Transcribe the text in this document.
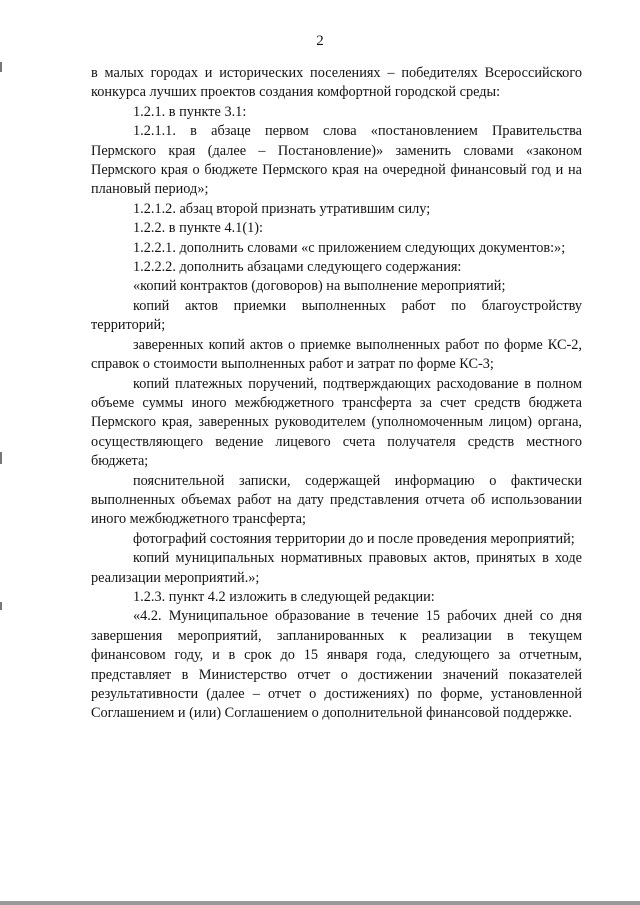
2

в малых городах и исторических поселениях – победителях Всероссийского конкурса лучших проектов создания комфортной городской среды:

1.2.1. в пункте 3.1:

1.2.1.1. в абзаце первом слова «постановлением Правительства Пермского края (далее – Постановление)» заменить словами «законом Пермского края о бюджете Пермского края на очередной финансовый год и на плановый период»;

1.2.1.2. абзац второй признать утратившим силу;

1.2.2. в пункте 4.1(1):

1.2.2.1. дополнить словами «с приложением следующих документов:»;

1.2.2.2. дополнить абзацами следующего содержания:

«копий контрактов (договоров) на выполнение мероприятий;

копий актов приемки выполненных работ по благоустройству территорий;

заверенных копий актов о приемке выполненных работ по форме КС-2, справок о стоимости выполненных работ и затрат по форме КС-3;

копий платежных поручений, подтверждающих расходование в полном объеме суммы иного межбюджетного трансферта за счет средств бюджета Пермского края, заверенных руководителем (уполномоченным лицом) органа, осуществляющего ведение лицевого счета получателя средств местного бюджета;

пояснительной записки, содержащей информацию о фактически выполненных объемах работ на дату представления отчета об использовании иного межбюджетного трансферта;

фотографий состояния территории до и после проведения мероприятий;

копий муниципальных нормативных правовых актов, принятых в ходе реализации мероприятий.»;

1.2.3. пункт 4.2 изложить в следующей редакции:

«4.2. Муниципальное образование в течение 15 рабочих дней со дня завершения мероприятий, запланированных к реализации в текущем финансовом году, и в срок до 15 января года, следующего за отчетным, представляет в Министерство отчет о достижении значений показателей результативности (далее – отчет о достижениях) по форме, установленной Соглашением и (или) Соглашением о дополнительной финансовой поддержке.
